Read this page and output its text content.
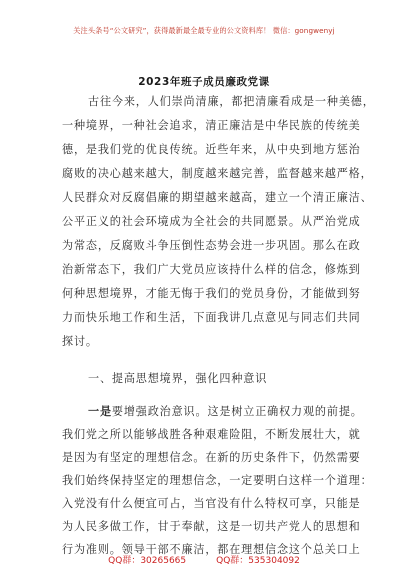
关注头条号“公文研究”，获得最新最全最专业的公文资料库！ 微信：gongwenyj
2023年班子成员廉政党课
古往今来，人们崇尚清廉，都把清廉看成是一种美德，
一种境界，一种社会追求，清正廉洁是中华民族的传统美
德，是我们党的优良传统。近些年来，从中央到地方惩治
腐败的决心越来越大，制度越来越完善，监督越来越严格，
人民群众对反腐倡廉的期望越来越高，建立一个清正廉洁、
公平正义的社会环境成为全社会的共同愿景。从严治党成
为常态，反腐败斗争压倒性态势会进一步巩固。那么在政
治新常态下，我们广大党员应该持什么样的信念，修炼到
何种思想境界，才能无悔于我们的党员身份，才能做到努
力而快乐地工作和生活，下面我讲几点意见与同志们共同
探讨。
一、提高思想境界，强化四种意识
一是要增强政治意识。这是树立正确权力观的前提。
我们党之所以能够战胜各种艰难险阻，不断发展壮大，就
是因为有坚定的理想信念。在新的历史条件下，仍然需要
我们始终保持坚定的理想信念，一定要明白这样一个道理：
入党没有什么便宜可占，当官没有什么特权可享，只能是
为人民多做工作，甘于奉献，这是一切共产党人的思想和
行为准则。领导干部不廉洁，都在理想信念这个总关口上
QQ群：30265665	QQ群：535304092
